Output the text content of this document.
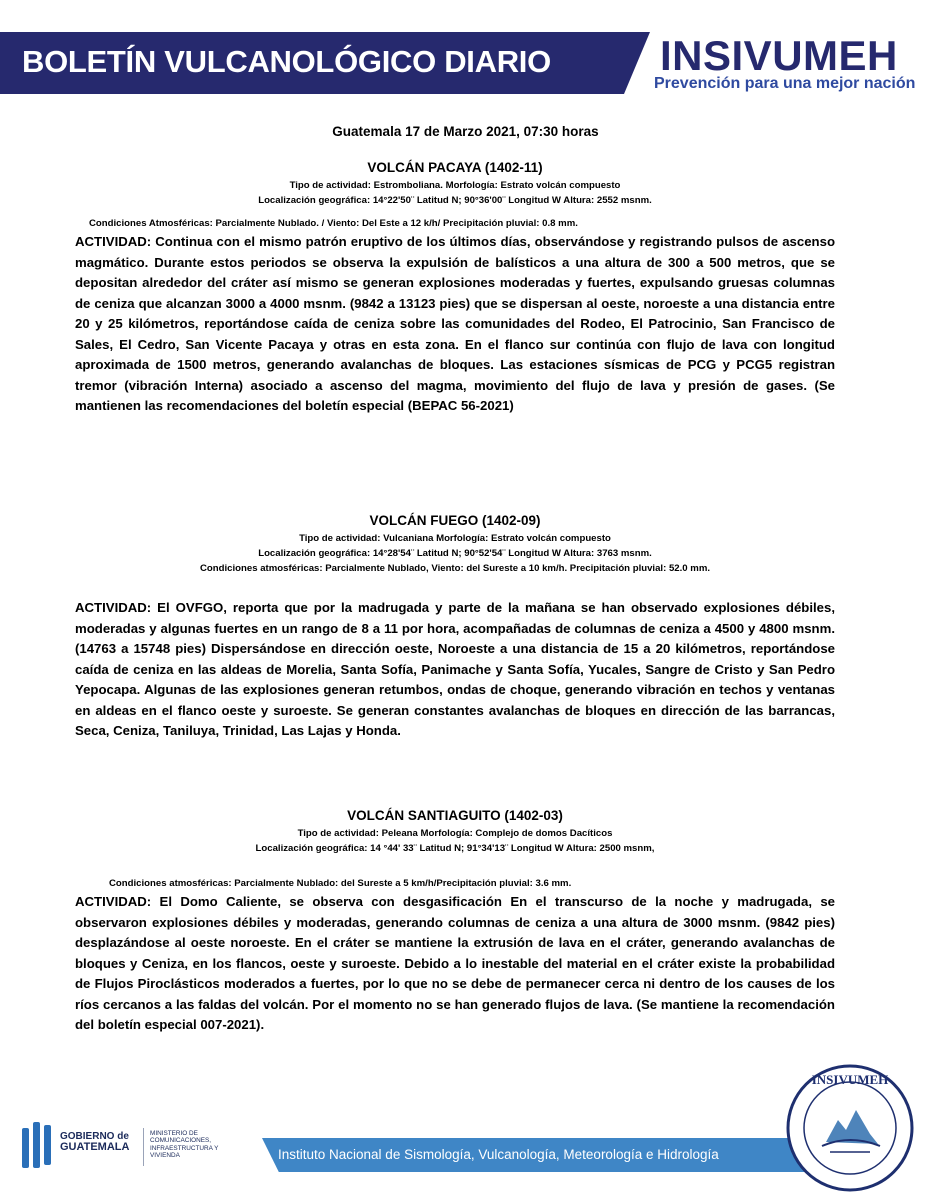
BOLETÍN VULCANOLÓGICO DIARIO	INSIVUMEH
Prevención para una mejor nación
Guatemala 17 de Marzo 2021, 07:30 horas

VOLCÁN PACAYA (1402-11)

Tipo de actividad: Estromboliana. Morfología: Estrato volcán compuesto

Localización geográfica: 14°22'50¨ Latitud N; 90°36'00¨ Longitud W Altura: 2552 msnm.

Condiciones Atmosféricas: Parcialmente Nublado. / Viento: Del Este a 12 k/h/ Precipitación pluvial: 0.8 mm.

ACTIVIDAD: Continua con el mismo patrón eruptivo de los últimos días, observándose y registrando pulsos de ascenso magmático. Durante estos periodos se observa la expulsión de balísticos a una altura de 300 a 500 metros, que se depositan alrededor del cráter así mismo se generan explosiones moderadas y fuertes, expulsando gruesas columnas de ceniza que alcanzan 3000 a 4000 msnm. (9842 a 13123 pies) que se dispersan al oeste, noroeste a una distancia entre 20 y 25 kilómetros, reportándose caída de ceniza sobre las comunidades del Rodeo, El Patrocinio, San Francisco de Sales, El Cedro, San Vicente Pacaya y otras en esta zona. En el flanco sur continúa con flujo de lava con longitud aproximada de 1500 metros, generando avalanchas de bloques. Las estaciones sísmicas de PCG y PCG5 registran tremor (vibración Interna) asociado a ascenso del magma, movimiento del flujo de lava y presión de gases. (Se mantienen las recomendaciones del boletín especial (BEPAC 56-2021)

VOLCÁN FUEGO (1402-09)

Tipo de actividad: Vulcaniana Morfología: Estrato volcán compuesto

Localización geográfica: 14°28'54¨ Latitud N; 90°52'54¨ Longitud W Altura: 3763 msnm.

Condiciones atmosféricas: Parcialmente Nublado, Viento: del Sureste a 10 km/h. Precipitación pluvial: 52.0 mm.

ACTIVIDAD: El OVFGO, reporta que por la madrugada y parte de la mañana se han observado explosiones débiles, moderadas y algunas fuertes en un rango de 8 a 11 por hora, acompañadas de columnas de ceniza a 4500 y 4800 msnm. (14763 a 15748 pies) Dispersándose en dirección oeste, Noroeste a una distancia de 15 a 20 kilómetros, reportándose caída de ceniza en las aldeas de Morelia, Santa Sofía, Panimache y Santa Sofía, Yucales, Sangre de Cristo y San Pedro Yepocapa. Algunas de las explosiones generan retumbos, ondas de choque, generando vibración en techos y ventanas en aldeas en el flanco oeste y suroeste. Se generan constantes avalanchas de bloques en dirección de las barrancas, Seca, Ceniza, Taniluya, Trinidad, Las Lajas y Honda.

VOLCÁN SANTIAGUITO (1402-03)

Tipo de actividad: Peleana Morfología: Complejo de domos Dacíticos

Localización geográfica: 14 °44' 33¨ Latitud N; 91°34'13¨ Longitud W Altura: 2500 msnm,

Condiciones atmosféricas: Parcialmente Nublado: del Sureste a 5 km/h/Precipitación pluvial: 3.6 mm.

ACTIVIDAD: El Domo Caliente, se observa con desgasificación En el transcurso de la noche y madrugada, se observaron explosiones débiles y moderadas, generando columnas de ceniza a una altura de 3000 msnm. (9842 pies) desplazándose al oeste noroeste. En el cráter se mantiene la extrusión de lava en el cráter, generando avalanchas de bloques y Ceniza, en los flancos, oeste y suroeste. Debido a lo inestable del material en el cráter existe la probabilidad de Flujos Piroclásticos moderados a fuertes, por lo que no se debe de permanecer cerca ni dentro de los causes de los ríos cercanos a las faldas del volcán. Por el momento no se han generado flujos de lava. (Se mantiene la recomendación del boletín especial 007-2021).

GOBIERNO de
GUATEMALA
MINISTERIO DE COMUNICACIONES, INFRAESTRUCTURA Y VIVIENDA	Instituto Nacional de Sismología, Vulcanología, Meteorología e Hidrología
INSIVUMEH
